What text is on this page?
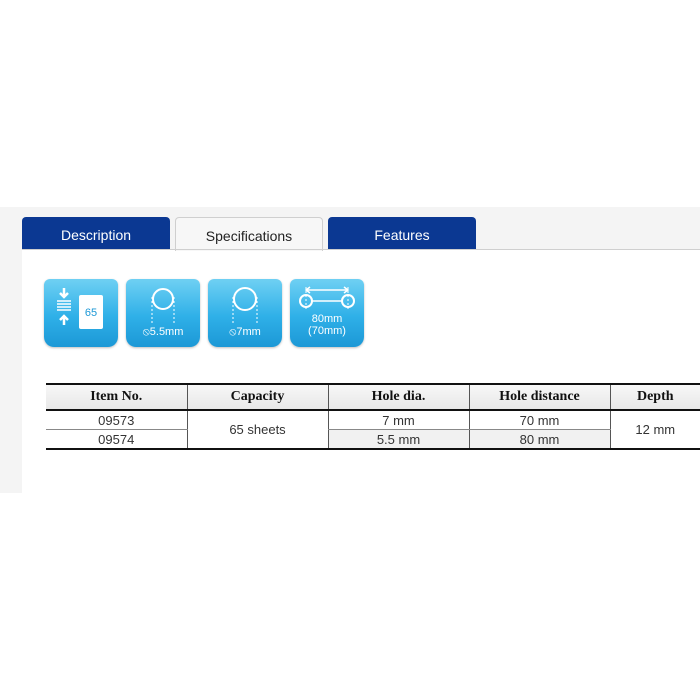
Description	Specifications	Features
65
⦸5.5mm	⦸7mm
80mm
(70mm)
Item No.	Capacity	Hole dia.	Hole distance	Depth
09573	65 sheets	7 mm	70 mm	12 mm
09574		5.5 mm	80 mm	
